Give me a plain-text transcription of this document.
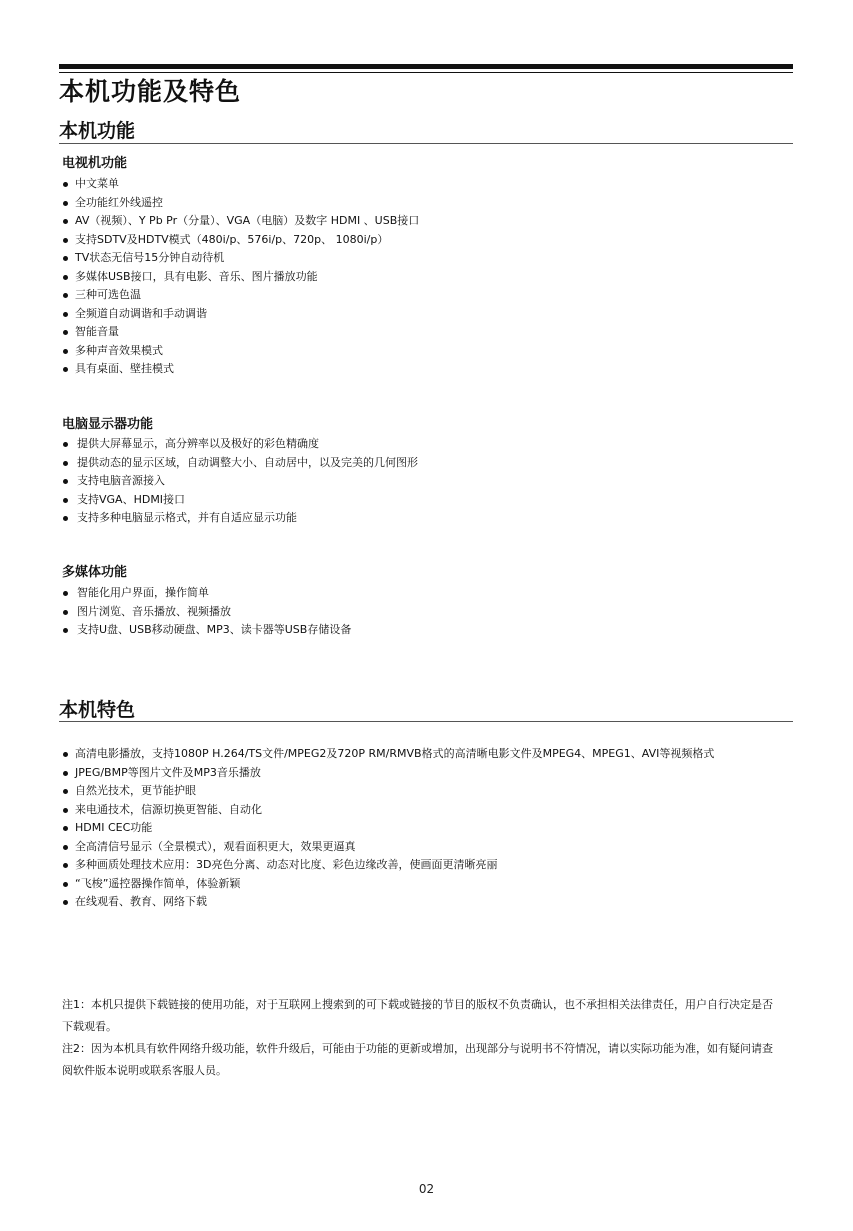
本机功能及特色
本机功能
电视机功能
中文菜单
全功能红外线遥控
AV（视频）、Y Pb Pr（分量）、VGA（电脑）及数字 HDMI 、USB接口
支持SDTV及HDTV模式（480i/p、576i/p、720p、 1080i/p）
TV状态无信号15分钟自动待机
多媒体USB接口，具有电影、音乐、图片播放功能
三种可选色温
全频道自动调谐和手动调谐
智能音量
多种声音效果模式
具有桌面、壁挂模式
电脑显示器功能
提供大屏幕显示，高分辨率以及极好的彩色精确度
提供动态的显示区域，自动调整大小、自动居中，以及完美的几何图形
支持电脑音源接入
支持VGA、HDMI接口
支持多种电脑显示格式，并有自适应显示功能
多媒体功能
智能化用户界面，操作简单
图片浏览、音乐播放、视频播放
支持U盘、USB移动硬盘、MP3、读卡器等USB存储设备
本机特色
高清电影播放，支持1080P H.264/TS文件/MPEG2及720P RM/RMVB格式的高清晰电影文件及MPEG4、MPEG1、AVI等视频格式
JPEG/BMP等图片文件及MP3音乐播放
自然光技术，更节能护眼
来电通技术，信源切换更智能、自动化
HDMI CEC功能
全高清信号显示（全景模式），观看面积更大，效果更逼真
多种画质处理技术应用：3D亮色分离、动态对比度、彩色边缘改善，使画面更清晰亮丽
“飞梭”遥控器操作简单，体验新颖
在线观看、教育、网络下载

注1：本机只提供下载链接的使用功能，对于互联网上搜索到的可下载或链接的节目的版权不负责确认，也不承担相关法律责任，用户自行决定是否下载观看。

注2：因为本机具有软件网络升级功能，软件升级后，可能由于功能的更新或增加，出现部分与说明书不符情况，请以实际功能为准，如有疑问请查阅软件版本说明或联系客服人员。

02
